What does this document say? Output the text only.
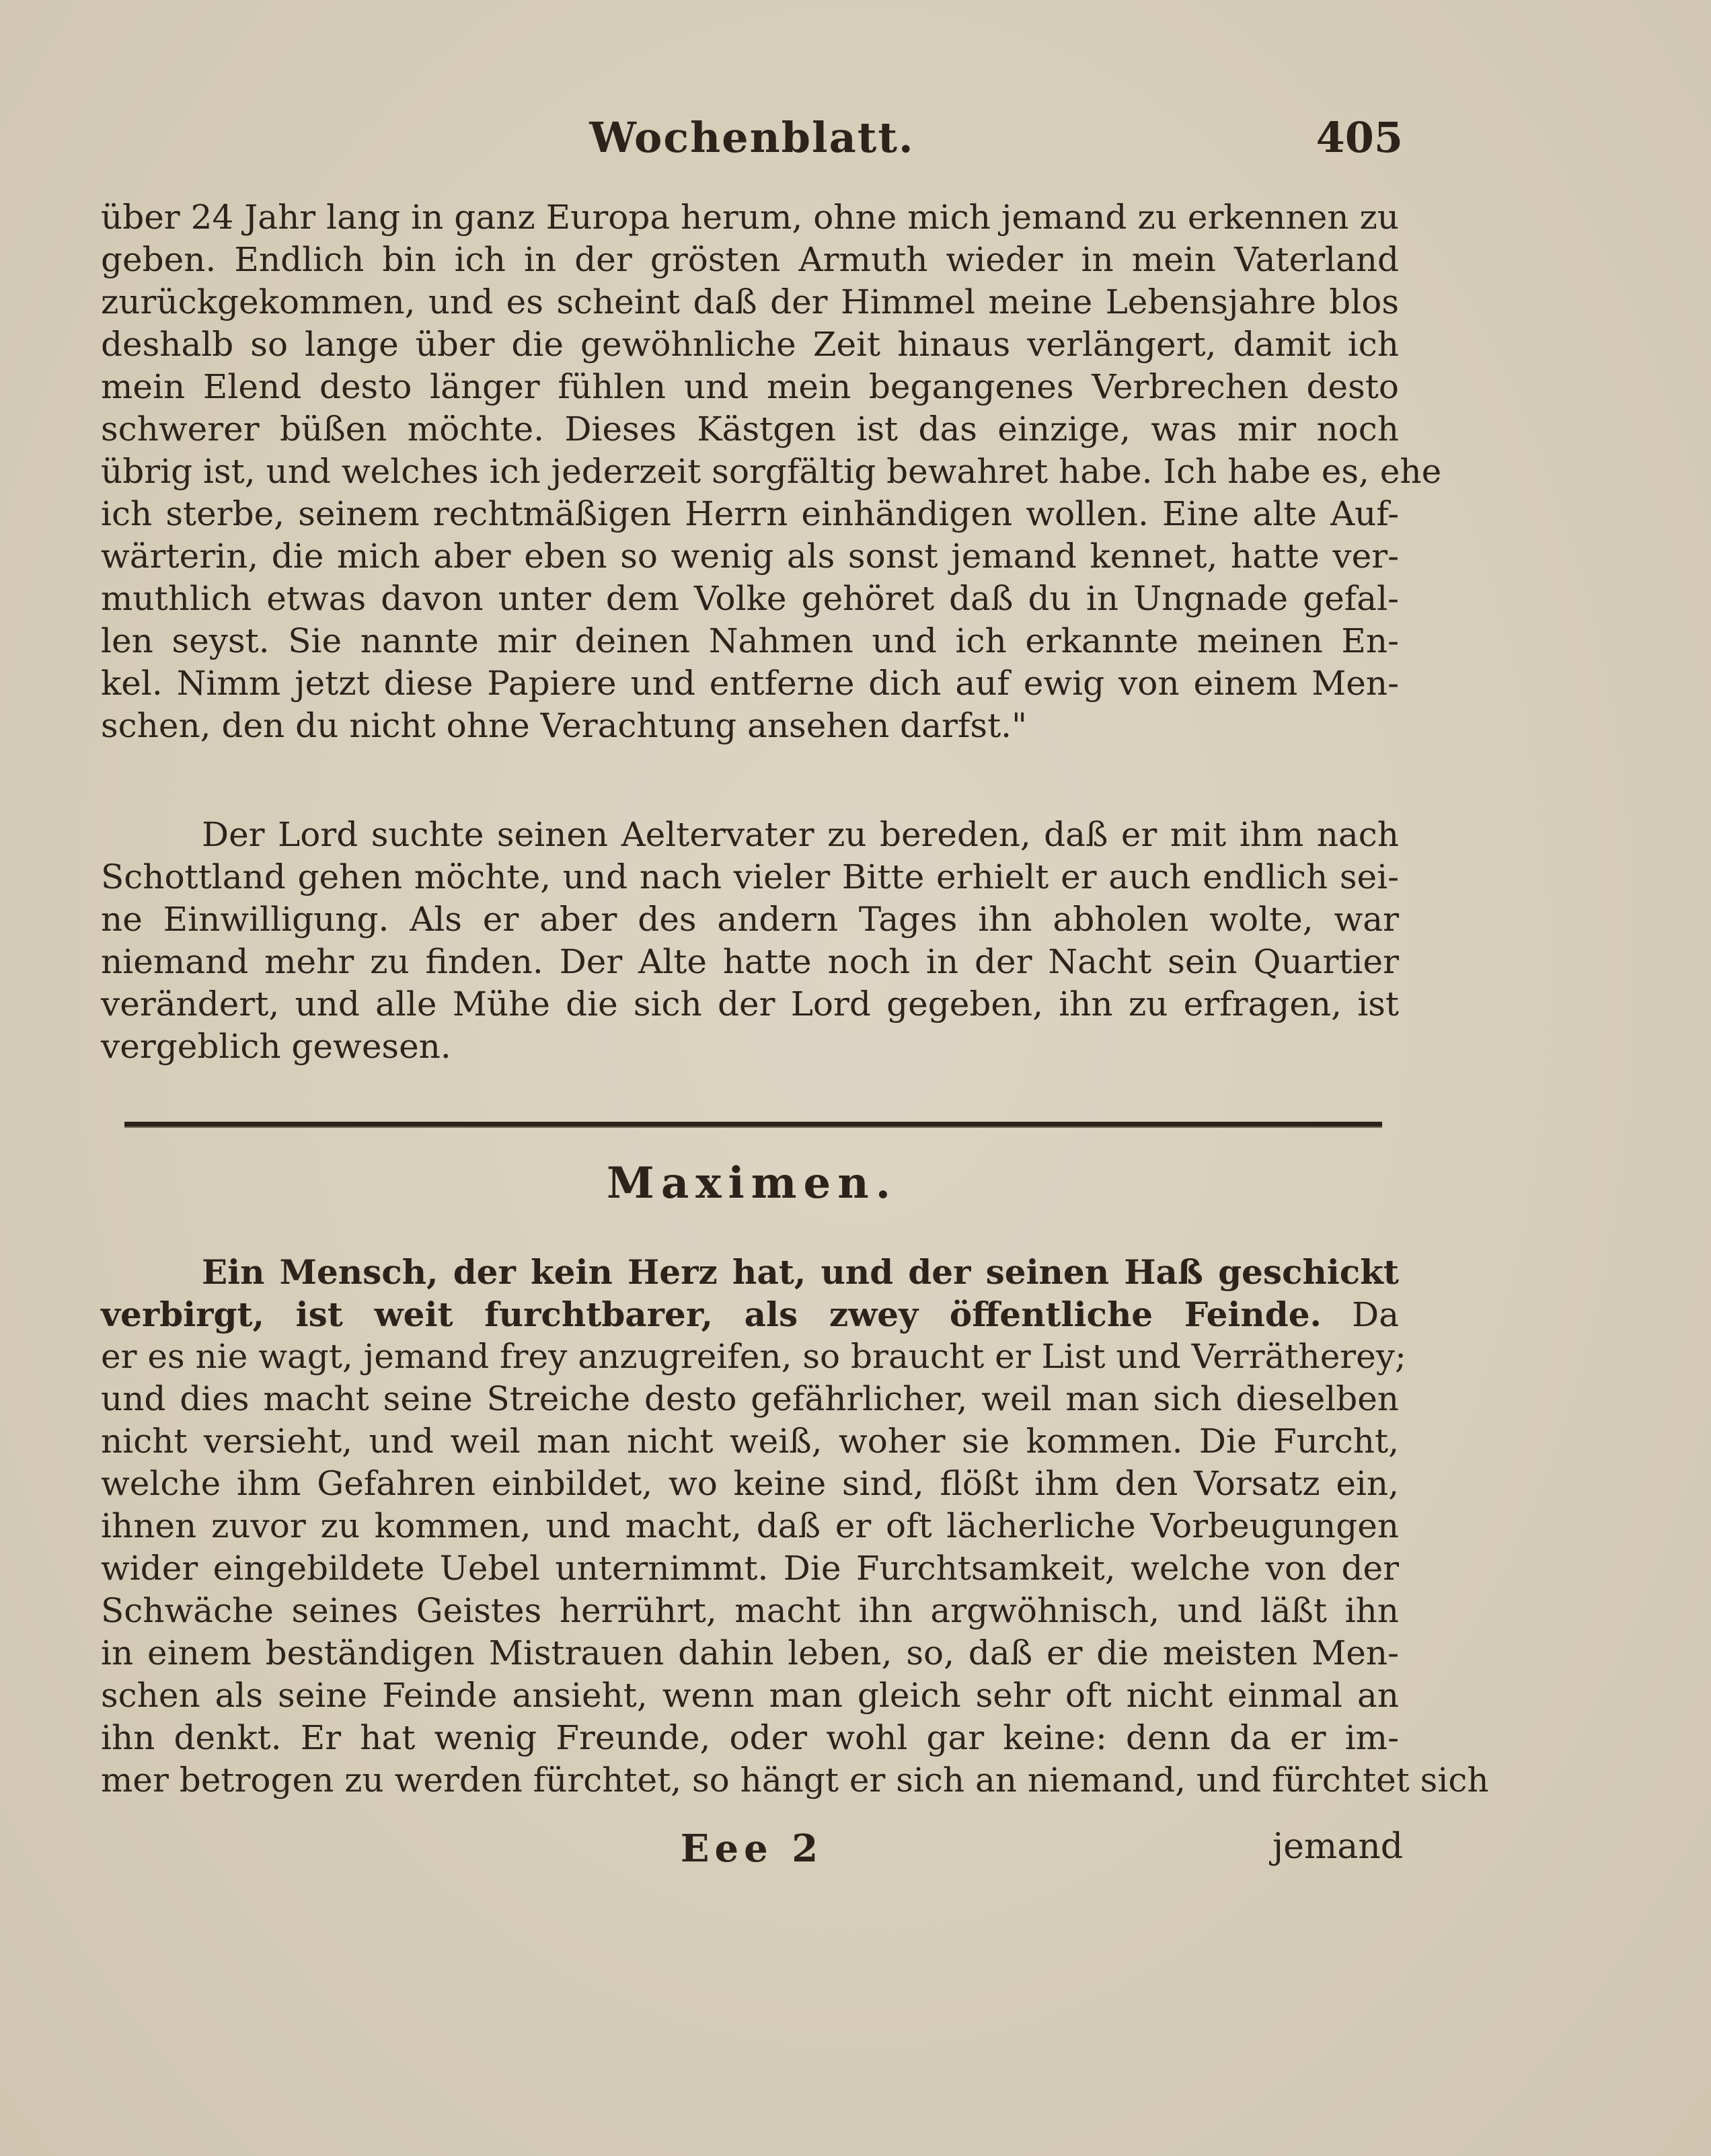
Wochenblatt.	405
über 24 Jahr lang in ganz Europa herum, ohne mich jemand zu erkennen zu
geben. Endlich bin ich in der grösten Armuth wieder in mein Vaterland
zurückgekommen, und es scheint daß der Himmel meine Lebensjahre blos
deshalb so lange über die gewöhnliche Zeit hinaus verlängert, damit ich
mein Elend desto länger fühlen und mein begangenes Verbrechen desto
schwerer büßen möchte. Dieses Kästgen ist das einzige, was mir noch
übrig ist, und welches ich jederzeit sorgfältig bewahret habe. Ich habe es, ehe
ich sterbe, seinem rechtmäßigen Herrn einhändigen wollen. Eine alte Auf-
wärterin, die mich aber eben so wenig als sonst jemand kennet, hatte ver-
muthlich etwas davon unter dem Volke gehöret daß du in Ungnade gefal-
len seyst. Sie nannte mir deinen Nahmen und ich erkannte meinen En-
kel. Nimm jetzt diese Papiere und entferne dich auf ewig von einem Men-
schen, den du nicht ohne Verachtung ansehen darfst."
Der Lord suchte seinen Aeltervater zu bereden, daß er mit ihm nach
Schottland gehen möchte, und nach vieler Bitte erhielt er auch endlich sei-
ne Einwilligung. Als er aber des andern Tages ihn abholen wolte, war
niemand mehr zu finden. Der Alte hatte noch in der Nacht sein Quartier
verändert, und alle Mühe die sich der Lord gegeben, ihn zu erfragen, ist
vergeblich gewesen.
Maximen.
Ein Mensch, der kein Herz hat, und der seinen Haß geschickt
verbirgt, ist weit furchtbarer, als zwey öffentliche Feinde. Da
er es nie wagt, jemand frey anzugreifen, so braucht er List und Verrätherey;
und dies macht seine Streiche desto gefährlicher, weil man sich dieselben
nicht versieht, und weil man nicht weiß, woher sie kommen. Die Furcht,
welche ihm Gefahren einbildet, wo keine sind, flößt ihm den Vorsatz ein,
ihnen zuvor zu kommen, und macht, daß er oft lächerliche Vorbeugungen
wider eingebildete Uebel unternimmt. Die Furchtsamkeit, welche von der
Schwäche seines Geistes herrührt, macht ihn argwöhnisch, und läßt ihn
in einem beständigen Mistrauen dahin leben, so, daß er die meisten Men-
schen als seine Feinde ansieht, wenn man gleich sehr oft nicht einmal an
ihn denkt. Er hat wenig Freunde, oder wohl gar keine: denn da er im-
mer betrogen zu werden fürchtet, so hängt er sich an niemand, und fürchtet sich
Eee 2	jemand
